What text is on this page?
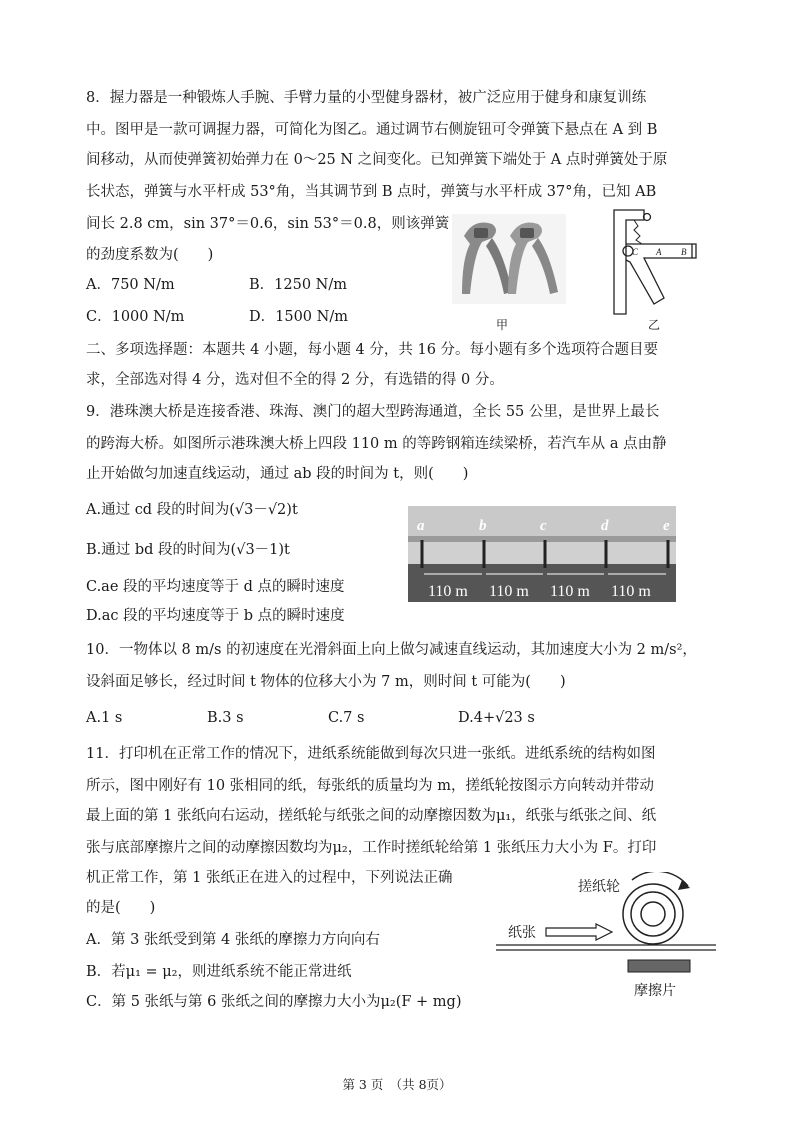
8．握力器是一种锻炼人手腕、手臂力量的小型健身器材，被广泛应用于健身和康复训练
中。图甲是一款可调握力器，可简化为图乙。通过调节右侧旋钮可令弹簧下悬点在 A 到 B
间移动，从而使弹簧初始弹力在 0～25 N 之间变化。已知弹簧下端处于 A 点时弹簧处于原
长状态，弹簧与水平杆成 53°角，当其调节到 B 点时，弹簧与水平杆成 37°角，已知 AB
间长 2.8 cm，sin 37°＝0.6，sin 53°＝0.8，则该弹簧
的劲度系数为(　　)
A．750 N/m	B．1250 N/m
C．1000 N/m	D．1500 N/m	甲
C A B
乙
二、多项选择题：本题共 4 小题，每小题 4 分，共 16 分。每小题有多个选项符合题目要
求，全部选对得 4 分，选对但不全的得 2 分，有选错的得 0 分。
9．港珠澳大桥是连接香港、珠海、澳门的超大型跨海通道，全长 55 公里，是世界上最长
的跨海大桥。如图所示港珠澳大桥上四段 110 m 的等跨钢箱连续梁桥，若汽车从 a 点由静
止开始做匀加速直线运动，通过 ab 段的时间为 t，则(　　)
A.通过 cd 段的时间为(√3－√2)t
B.通过 bd 段的时间为(√3－1)t
C.ae 段的平均速度等于 d 点的瞬时速度
D.ac 段的平均速度等于 b 点的瞬时速度
a	b	c	d	e
110 m 110 m 110 m 110 m
10．一物体以 8 m/s 的初速度在光滑斜面上向上做匀减速直线运动，其加速度大小为 2 m/s²，
设斜面足够长，经过时间 t 物体的位移大小为 7 m，则时间 t 可能为(　　)
A.1 s	B.3 s	C.7 s	D.4+√23 s
11．打印机在正常工作的情况下，进纸系统能做到每次只进一张纸。进纸系统的结构如图
所示，图中刚好有 10 张相同的纸，每张纸的质量均为 m，搓纸轮按图示方向转动并带动
最上面的第 1 张纸向右运动，搓纸轮与纸张之间的动摩擦因数为μ₁，纸张与纸张之间、纸
张与底部摩擦片之间的动摩擦因数均为μ₂，工作时搓纸轮给第 1 张纸压力大小为 F。打印
机正常工作，第 1 张纸正在进入的过程中，下列说法正确
的是(　　)
A．第 3 张纸受到第 4 张纸的摩擦力方向向右
B．若μ₁ = μ₂，则进纸系统不能正常进纸
C．第 5 张纸与第 6 张纸之间的摩擦力大小为μ₂(F + mg)
搓纸轮
纸张
摩擦片
第 3 页　（共 8页）
